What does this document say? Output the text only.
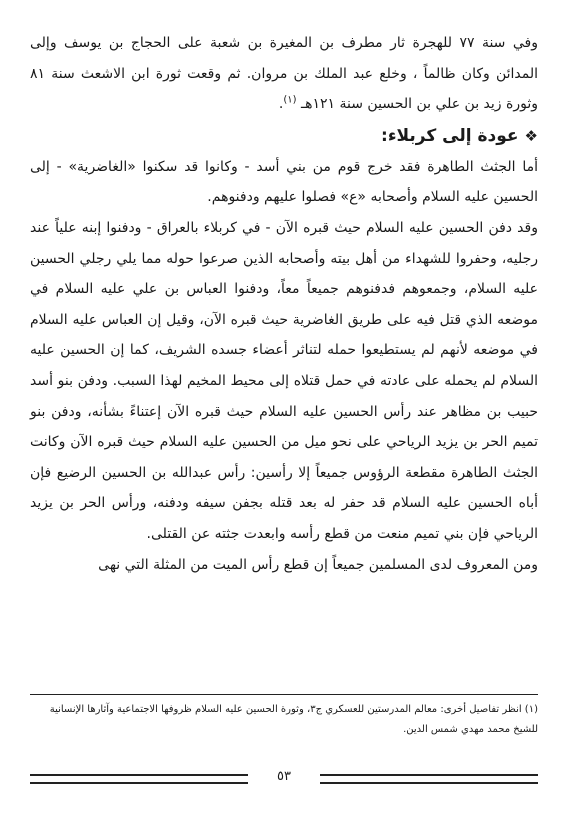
وفي سنة ٧٧ للهجرة ثار مطرف بن المغيرة بن شعبة على الحجاج بن يوسف وإلى المدائن وكان ظالماً ، وخلع عبد الملك بن مروان. ثم وقعت ثورة ابن الاشعث سنة ٨١ وثورة زيد بن علي بن الحسين سنة ١٢١هـ $^{(١)}$.

❖عودة إلى كربلاء:

أما الجثث الطاهرة فقد خرج قوم من بني أسد - وكانوا قد سكنوا «الغاضرية» - إلى الحسين عليه السلام وأصحابه «ع» فصلوا عليهم ودفنوهم.

وقد دفن الحسين عليه السلام حيث قبره الآن - في كربلاء بالعراق - ودفنوا إبنه علياً عند رجليه، وحفروا للشهداء من أهل بيته وأصحابه الذين صرعوا حوله مما يلي رجلي الحسين عليه السلام، وجمعوهم فدفنوهم جميعاً معاً، ودفنوا العباس بن علي عليه السلام في موضعه الذي قتل فيه على طريق الغاضرية حيث قبره الآن، وقيل إن العباس عليه السلام في موضعه لأنهم لم يستطيعوا حمله لتناثر أعضاء جسده الشريف، كما إن الحسين عليه السلام لم يحمله على عادته في حمل قتلاه إلى محيط المخيم لهذا السبب. ودفن بنو أسد حبيب بن مظاهر عند رأس الحسين عليه السلام حيث قبره الآن إعتناءً بشأنه، ودفن بنو تميم الحر بن يزيد الرياحي على نحو ميل من الحسين عليه السلام حيث قبره الآن وكانت الجثث الطاهرة مقطعة الرؤوس جميعاً إلا رأسين: رأس عبدالله بن الحسين الرضيع فإن أباه الحسين عليه السلام قد حفر له بعد قتله بجفن سيفه ودفنه، ورأس الحر بن يزيد الرياحي فإن بني تميم منعت من قطع رأسه وابعدت جثته عن القتلى.

ومن المعروف لدى المسلمين جميعاً إن قطع رأس الميت من المثلة التي نهى

(١) انظر تفاصيل أخرى: معالم المدرستين للعسكري ج٣، وثورة الحسين عليه السلام ظروفها الاجتماعية وآثارها الإنسانية للشيخ محمد مهدي شمس الدين.
٥٣
